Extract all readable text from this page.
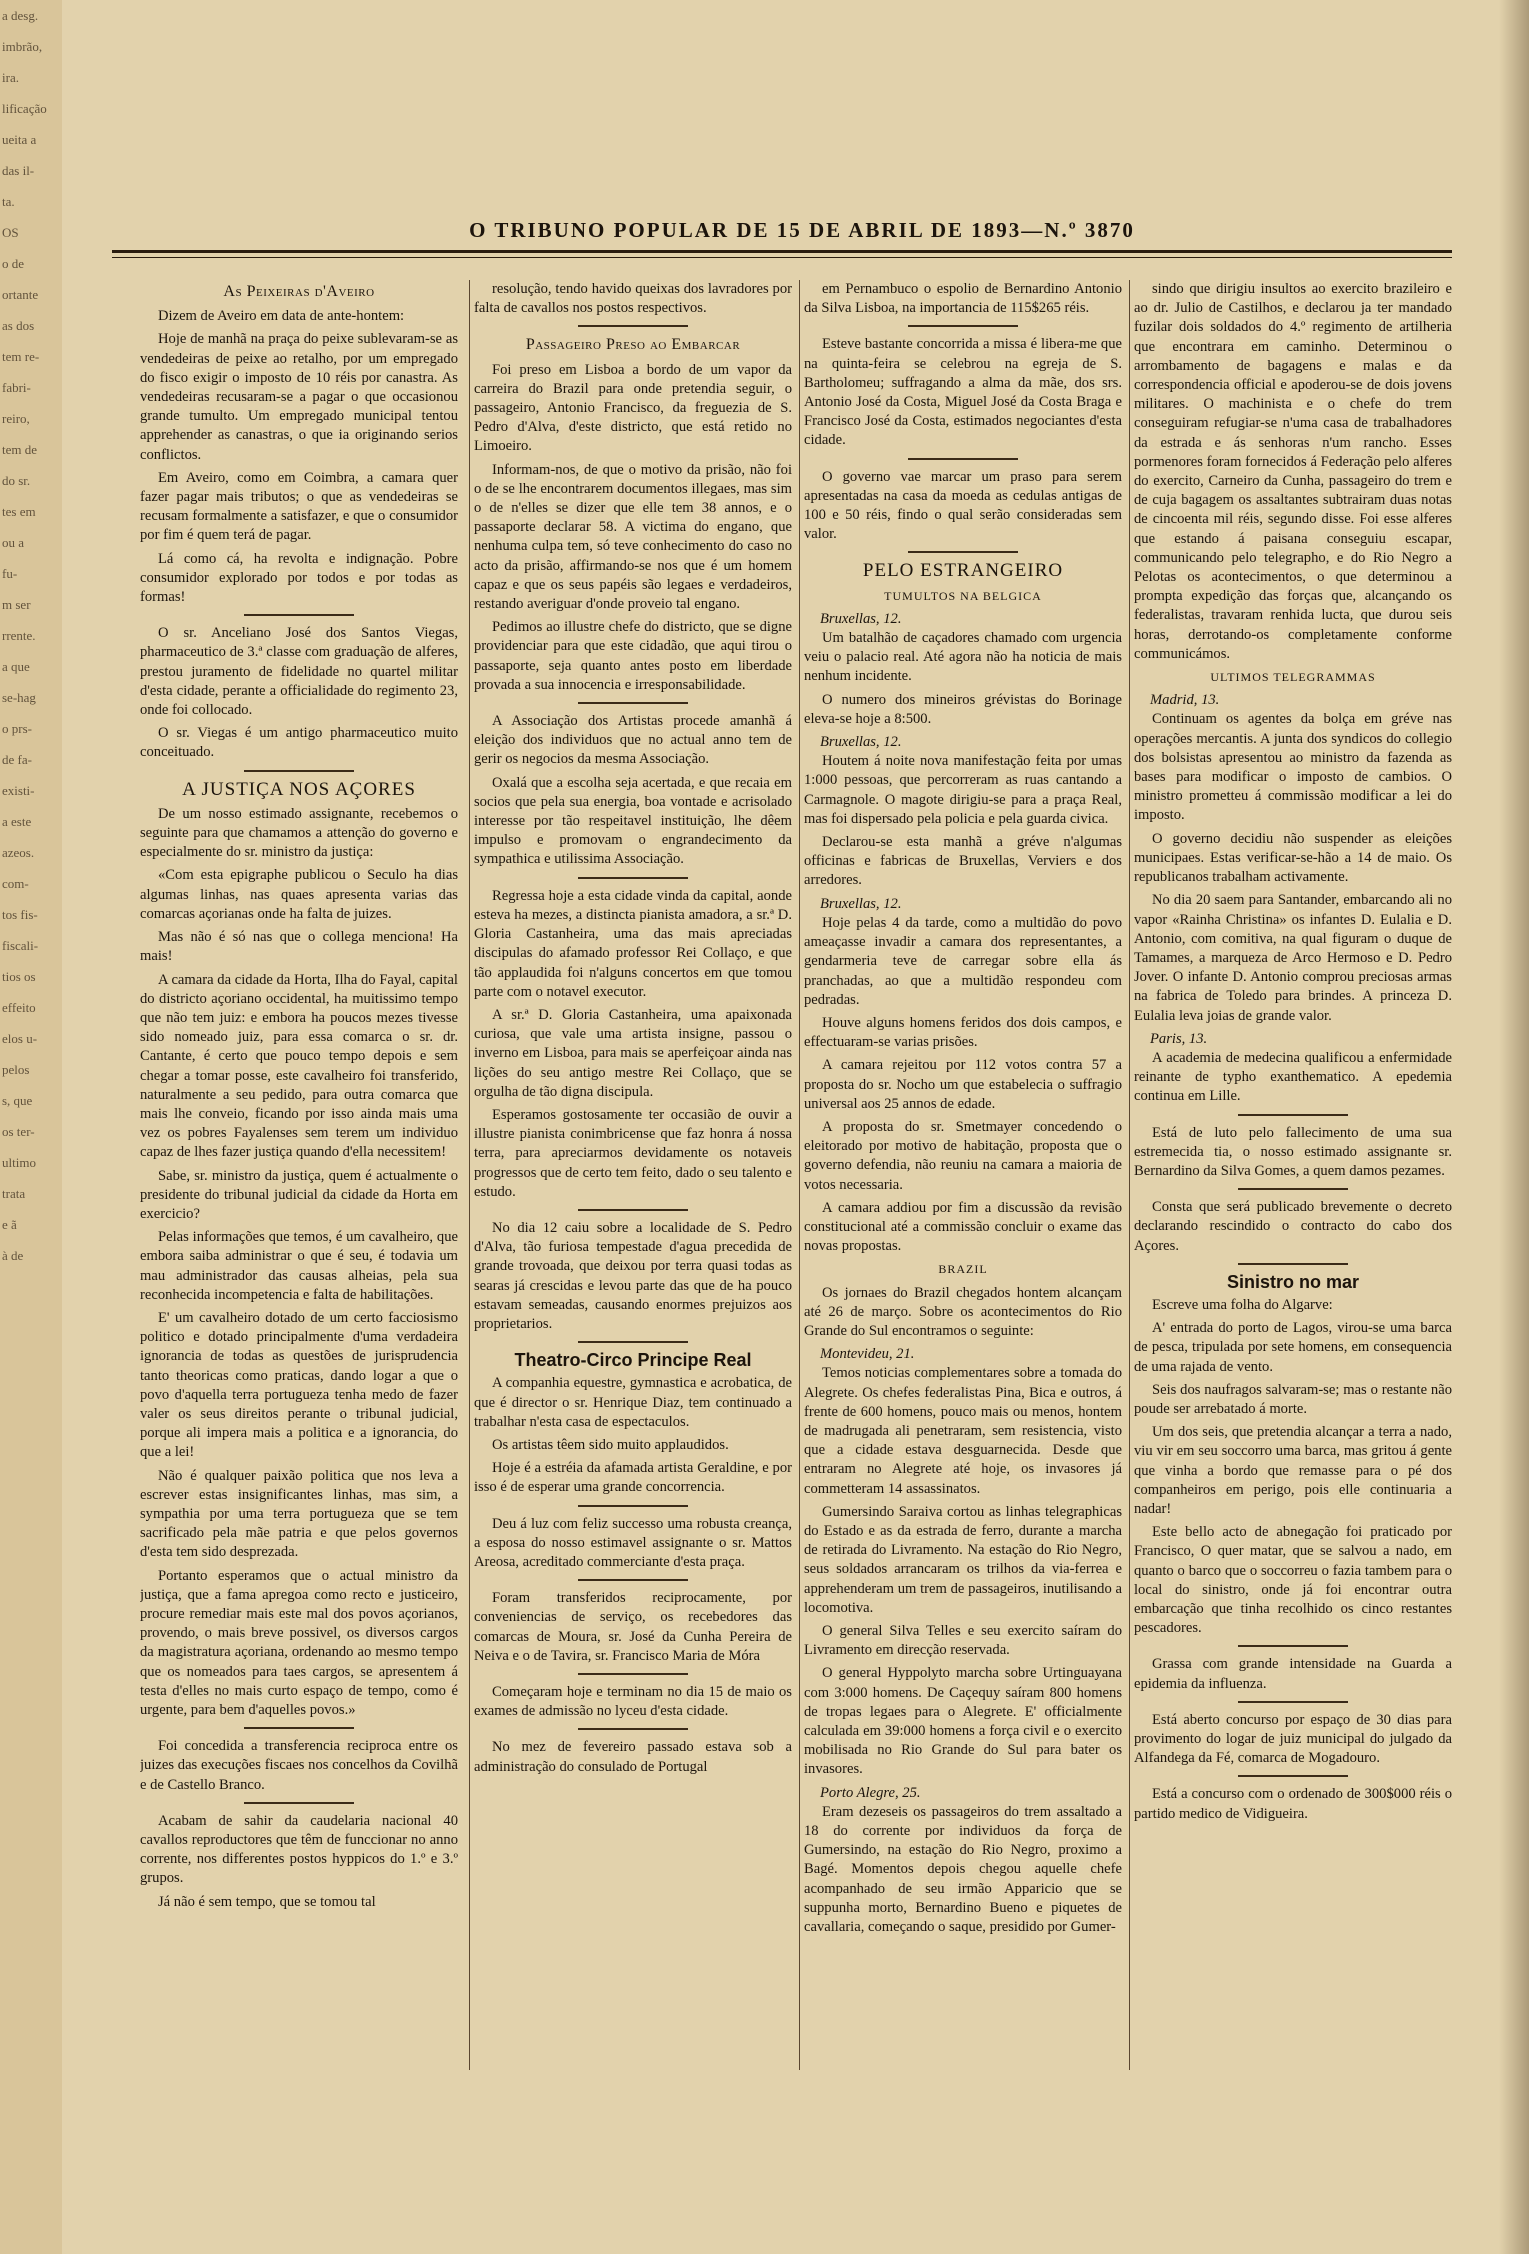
a desg.
imbrão,
ira.
lificação
ueita a
das il-
ta.
OS
o de
ortante
as dos
tem re-
fabri-
reiro,
tem de
do sr.
tes em
ou a
fu-
m ser
rrente.
a que
se-hag
o prs-
de fa-
existi-
a este
azeos.
com-
tos fis-
fiscali-
tios os
effeito
elos u-
pelos
s, que
os ter-
ultimo
trata
e ã
à de
O TRIBUNO POPULAR DE 15 DE ABRIL DE 1893—N.º 3870
As Peixeiras d'Aveiro

Dizem de Aveiro em data de ante-hontem:

Hoje de manhã na praça do peixe sublevaram-se as vendedeiras de peixe ao retalho, por um empregado do fisco exigir o imposto de 10 réis por canastra. As vendedeiras recusaram-se a pagar o que occasionou grande tumulto. Um empregado municipal tentou apprehender as canastras, o que ia originando serios conflictos.

Em Aveiro, como em Coimbra, a camara quer fazer pagar mais tributos; o que as vendedeiras se recusam formalmente a satisfazer, e que o consumidor por fim é quem terá de pagar.

Lá como cá, ha revolta e indignação. Pobre consumidor explorado por todos e por todas as formas!

O sr. Anceliano José dos Santos Viegas, pharmaceutico de 3.ª classe com graduação de alferes, prestou juramento de fidelidade no quartel militar d'esta cidade, perante a officialidade do regimento 23, onde foi collocado.

O sr. Viegas é um antigo pharmaceutico muito conceituado.

A JUSTIÇA NOS AÇORES

De um nosso estimado assignante, recebemos o seguinte para que chamamos a attenção do governo e especialmente do sr. ministro da justiça:

«Com esta epigraphe publicou o Seculo ha dias algumas linhas, nas quaes apresenta varias das comarcas açorianas onde ha falta de juizes.

Mas não é só nas que o collega menciona! Ha mais!

A camara da cidade da Horta, Ilha do Fayal, capital do districto açoriano occidental, ha muitissimo tempo que não tem juiz: e embora ha poucos mezes tivesse sido nomeado juiz, para essa comarca o sr. dr. Cantante, é certo que pouco tempo depois e sem chegar a tomar posse, este cavalheiro foi transferido, naturalmente a seu pedido, para outra comarca que mais lhe conveio, ficando por isso ainda mais uma vez os pobres Fayalenses sem terem um individuo capaz de lhes fazer justiça quando d'ella necessitem!

Sabe, sr. ministro da justiça, quem é actualmente o presidente do tribunal judicial da cidade da Horta em exercicio?

Pelas informações que temos, é um cavalheiro, que embora saiba administrar o que é seu, é todavia um mau administrador das causas alheias, pela sua reconhecida incompetencia e falta de habilitações.

E' um cavalheiro dotado de um certo facciosismo politico e dotado principalmente d'uma verdadeira ignorancia de todas as questões de jurisprudencia tanto theoricas como praticas, dando logar a que o povo d'aquella terra portugueza tenha medo de fazer valer os seus direitos perante o tribunal judicial, porque ali impera mais a politica e a ignorancia, do que a lei!

Não é qualquer paixão politica que nos leva a escrever estas insignificantes linhas, mas sim, a sympathia por uma terra portugueza que se tem sacrificado pela mãe patria e que pelos governos d'esta tem sido desprezada.

Portanto esperamos que o actual ministro da justiça, que a fama apregoa como recto e justiceiro, procure remediar mais este mal dos povos açorianos, provendo, o mais breve possivel, os diversos cargos da magistratura açoriana, ordenando ao mesmo tempo que os nomeados para taes cargos, se apresentem á testa d'elles no mais curto espaço de tempo, como é urgente, para bem d'aquelles povos.»

Foi concedida a transferencia reciproca entre os juizes das execuções fiscaes nos concelhos da Covilhã e de Castello Branco.

Acabam de sahir da caudelaria nacional 40 cavallos reproductores que têm de funccionar no anno corrente, nos differentes postos hyppicos do 1.º e 3.º grupos.

Já não é sem tempo, que se tomou tal

resolução, tendo havido queixas dos lavradores por falta de cavallos nos postos respectivos.

Passageiro Preso ao Embarcar

Foi preso em Lisboa a bordo de um vapor da carreira do Brazil para onde pretendia seguir, o passageiro, Antonio Francisco, da freguezia de S. Pedro d'Alva, d'este districto, que está retido no Limoeiro.

Informam-nos, de que o motivo da prisão, não foi o de se lhe encontrarem documentos illegaes, mas sim o de n'elles se dizer que elle tem 38 annos, e o passaporte declarar 58. A victima do engano, que nenhuma culpa tem, só teve conhecimento do caso no acto da prisão, affirmando-se nos que é um homem capaz e que os seus papéis são legaes e verdadeiros, restando averiguar d'onde proveio tal engano.

Pedimos ao illustre chefe do districto, que se digne providenciar para que este cidadão, que aqui tirou o passaporte, seja quanto antes posto em liberdade provada a sua innocencia e irresponsabilidade.

A Associação dos Artistas procede amanhã á eleição dos individuos que no actual anno tem de gerir os negocios da mesma Associação.

Oxalá que a escolha seja acertada, e que recaia em socios que pela sua energia, boa vontade e acrisolado interesse por tão respeitavel instituição, lhe dêem impulso e promovam o engrandecimento da sympathica e utilissima Associação.

Regressa hoje a esta cidade vinda da capital, aonde esteva ha mezes, a distincta pianista amadora, a sr.ª D. Gloria Castanheira, uma das mais apreciadas discipulas do afamado professor Rei Collaço, e que tão applaudida foi n'alguns concertos em que tomou parte com o notavel executor.

A sr.ª D. Gloria Castanheira, uma apaixonada curiosa, que vale uma artista insigne, passou o inverno em Lisboa, para mais se aperfeiçoar ainda nas lições do seu antigo mestre Rei Collaço, que se orgulha de tão digna discipula.

Esperamos gostosamente ter occasião de ouvir a illustre pianista conimbricense que faz honra á nossa terra, para apreciarmos devidamente os notaveis progressos que de certo tem feito, dado o seu talento e estudo.

No dia 12 caiu sobre a localidade de S. Pedro d'Alva, tão furiosa tempestade d'agua precedida de grande trovoada, que deixou por terra quasi todas as searas já crescidas e levou parte das que de ha pouco estavam semeadas, causando enormes prejuizos aos proprietarios.

Theatro-Circo Principe Real

A companhia equestre, gymnastica e acrobatica, de que é director o sr. Henrique Diaz, tem continuado a trabalhar n'esta casa de espectaculos.

Os artistas têem sido muito applaudidos.

Hoje é a estréia da afamada artista Geraldine, e por isso é de esperar uma grande concorrencia.

Deu á luz com feliz successo uma robusta creança, a esposa do nosso estimavel assignante o sr. Mattos Areosa, acreditado commerciante d'esta praça.

Foram transferidos reciprocamente, por conveniencias de serviço, os recebedores das comarcas de Moura, sr. José da Cunha Pereira de Neiva e o de Tavira, sr. Francisco Maria de Móra

Começaram hoje e terminam no dia 15 de maio os exames de admissão no lyceu d'esta cidade.

No mez de fevereiro passado estava sob a administração do consulado de Portugal

em Pernambuco o espolio de Bernardino Antonio da Silva Lisboa, na importancia de 115$265 réis.

Esteve bastante concorrida a missa é libera-me que na quinta-feira se celebrou na egreja de S. Bartholomeu; suffragando a alma da mãe, dos srs. Antonio José da Costa, Miguel José da Costa Braga e Francisco José da Costa, estimados negociantes d'esta cidade.

O governo vae marcar um praso para serem apresentadas na casa da moeda as cedulas antigas de 100 e 50 réis, findo o qual serão consideradas sem valor.

PELO ESTRANGEIRO
TUMULTOS NA BELGICA
Bruxellas, 12.

Um batalhão de caçadores chamado com urgencia veiu o palacio real. Até agora não ha noticia de mais nenhum incidente.

O numero dos mineiros grévistas do Borinage eleva-se hoje a 8:500.

Bruxellas, 12.

Houtem á noite nova manifestação feita por umas 1:000 pessoas, que percorreram as ruas cantando a Carmagnole. O magote dirigiu-se para a praça Real, mas foi dispersado pela policia e pela guarda civica.

Declarou-se esta manhã a gréve n'algumas officinas e fabricas de Bruxellas, Verviers e dos arredores.

Bruxellas, 12.

Hoje pelas 4 da tarde, como a multidão do povo ameaçasse invadir a camara dos representantes, a gendarmeria teve de carregar sobre ella ás pranchadas, ao que a multidão respondeu com pedradas.

Houve alguns homens feridos dos dois campos, e effectuaram-se varias prisões.

A camara rejeitou por 112 votos contra 57 a proposta do sr. Nocho um que estabelecia o suffragio universal aos 25 annos de edade.

A proposta do sr. Smetmayer concedendo o eleitorado por motivo de habitação, proposta que o governo defendia, não reuniu na camara a maioria de votos necessaria.

A camara addiou por fim a discussão da revisão constitucional até a commissão concluir o exame das novas propostas.

BRAZIL

Os jornaes do Brazil chegados hontem alcançam até 26 de março. Sobre os acontecimentos do Rio Grande do Sul encontramos o seguinte:

Montevideu, 21.

Temos noticias complementares sobre a tomada do Alegrete. Os chefes federalistas Pina, Bica e outros, á frente de 600 homens, pouco mais ou menos, hontem de madrugada ali penetraram, sem resistencia, visto que a cidade estava desguarnecida. Desde que entraram no Alegrete até hoje, os invasores já commetteram 14 assassinatos.

Gumersindo Saraiva cortou as linhas telegraphicas do Estado e as da estrada de ferro, durante a marcha de retirada do Livramento. Na estação do Rio Negro, seus soldados arrancaram os trilhos da via-ferrea e apprehenderam um trem de passageiros, inutilisando a locomotiva.

O general Silva Telles e seu exercito saíram do Livramento em direcção reservada.

O general Hyppolyto marcha sobre Urtinguayana com 3:000 homens. De Caçequy saíram 800 homens de tropas legaes para o Alegrete. E' officialmente calculada em 39:000 homens a força civil e o exercito mobilisada no Rio Grande do Sul para bater os invasores.

Porto Alegre, 25.

Eram dezeseis os passageiros do trem assaltado a 18 do corrente por individuos da força de Gumersindo, na estação do Rio Negro, proximo a Bagé. Momentos depois chegou aquelle chefe acompanhado de seu irmão Apparicio que se suppunha morto, Bernardino Bueno e piquetes de cavallaria, começando o saque, presidido por Gumer-

sindo que dirigiu insultos ao exercito brazileiro e ao dr. Julio de Castilhos, e declarou ja ter mandado fuzilar dois soldados do 4.º regimento de artilheria que encontrara em caminho. Determinou o arrombamento de bagagens e malas e da correspondencia official e apoderou-se de dois jovens militares. O machinista e o chefe do trem conseguiram refugiar-se n'uma casa de trabalhadores da estrada e ás senhoras n'um rancho. Esses pormenores foram fornecidos á Federação pelo alferes do exercito, Carneiro da Cunha, passageiro do trem e de cuja bagagem os assaltantes subtrairam duas notas de cincoenta mil réis, segundo disse. Foi esse alferes que estando á paisana conseguiu escapar, communicando pelo telegrapho, e do Rio Negro a Pelotas os acontecimentos, o que determinou a prompta expedição das forças que, alcançando os federalistas, travaram renhida lucta, que durou seis horas, derrotando-os completamente conforme communicámos.

ULTIMOS TELEGRAMMAS
Madrid, 13.

Continuam os agentes da bolça em gréve nas operações mercantis. A junta dos syndicos do collegio dos bolsistas apresentou ao ministro da fazenda as bases para modificar o imposto de cambios. O ministro prometteu á commissão modificar a lei do imposto.

O governo decidiu não suspender as eleições municipaes. Estas verificar-se-hão a 14 de maio. Os republicanos trabalham activamente.

No dia 20 saem para Santander, embarcando ali no vapor «Rainha Christina» os infantes D. Eulalia e D. Antonio, com comitiva, na qual figuram o duque de Tamames, a marqueza de Arco Hermoso e D. Pedro Jover. O infante D. Antonio comprou preciosas armas na fabrica de Toledo para brindes. A princeza D. Eulalia leva joias de grande valor.

Paris, 13.

A academia de medecina qualificou a enfermidade reinante de typho exanthematico. A epedemia continua em Lille.

Está de luto pelo fallecimento de uma sua estremecida tia, o nosso estimado assignante sr. Bernardino da Silva Gomes, a quem damos pezames.

Consta que será publicado brevemente o decreto declarando rescindido o contracto do cabo dos Açores.

Sinistro no mar

Escreve uma folha do Algarve:

A' entrada do porto de Lagos, virou-se uma barca de pesca, tripulada por sete homens, em consequencia de uma rajada de vento.

Seis dos naufragos salvaram-se; mas o restante não poude ser arrebatado á morte.

Um dos seis, que pretendia alcançar a terra a nado, viu vir em seu soccorro uma barca, mas gritou á gente que vinha a bordo que remasse para o pé dos companheiros em perigo, pois elle continuaria a nadar!

Este bello acto de abnegação foi praticado por Francisco, O quer matar, que se salvou a nado, em quanto o barco que o soccorreu o fazia tambem para o local do sinistro, onde já foi encontrar outra embarcação que tinha recolhido os cinco restantes pescadores.

Grassa com grande intensidade na Guarda a epidemia da influenza.

Está aberto concurso por espaço de 30 dias para provimento do logar de juiz municipal do julgado da Alfandega da Fé, comarca de Mogadouro.

Está a concurso com o ordenado de 300$000 réis o partido medico de Vidigueira.
